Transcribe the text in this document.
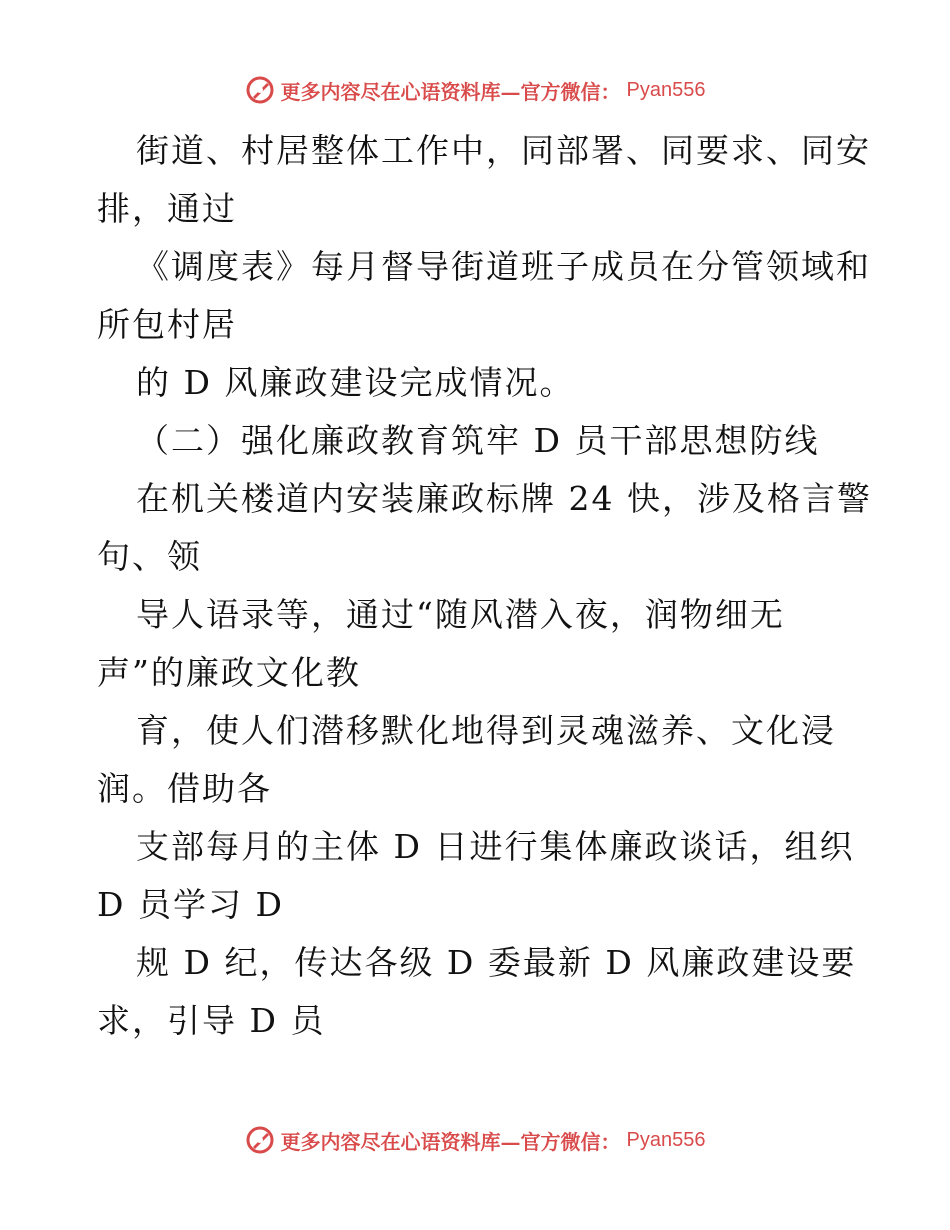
更多内容尽在心语资料库—官方微信： Pyan556
街道、村居整体工作中，同部署、同要求、同安
排，通过
《调度表》每月督导街道班子成员在分管领域和
所包村居
的 D 风廉政建设完成情况。
（二）强化廉政教育筑牢 D 员干部思想防线
在机关楼道内安装廉政标牌 24 快，涉及格言警
句、领
导人语录等，通过“随风潜入夜，润物细无
声”的廉政文化教
育，使人们潜移默化地得到灵魂滋养、文化浸
润。借助各
支部每月的主体 D 日进行集体廉政谈话，组织
D 员学习 D
规 D 纪，传达各级 D 委最新 D 风廉政建设要
求，引导 D 员
更多内容尽在心语资料库—官方微信： Pyan556
